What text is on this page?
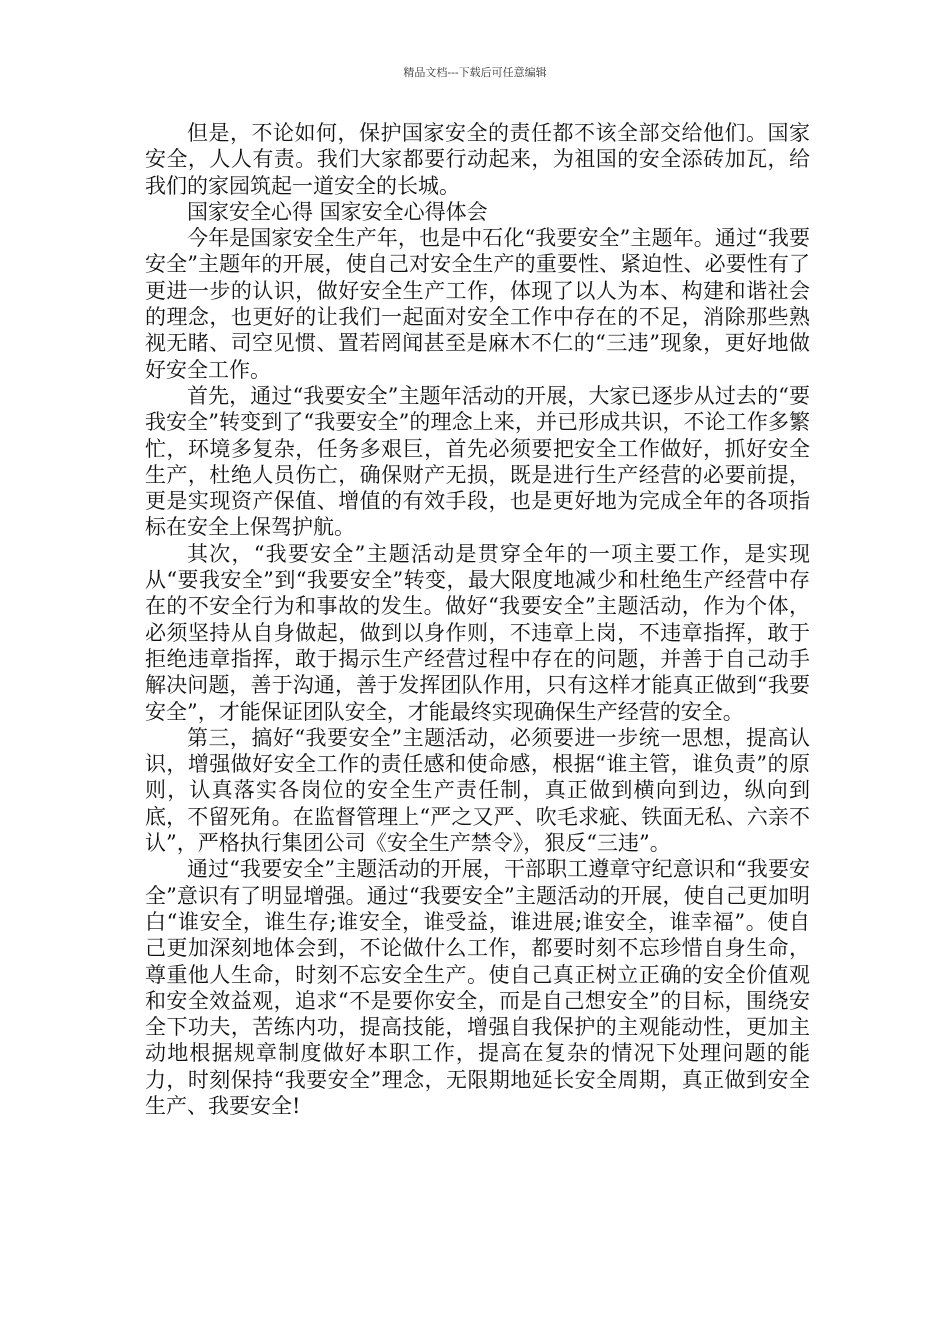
精品文档---下载后可任意编辑

但是，不论如何，保护国家安全的责任都不该全部交给他们。国家安全，人人有责。我们大家都要行动起来，为祖国的安全添砖加瓦，给我们的家园筑起一道安全的长城。

国家安全心得 国家安全心得体会

今年是国家安全生产年，也是中石化“我要安全”主题年。通过“我要安全”主题年的开展，使自己对安全生产的重要性、紧迫性、必要性有了更进一步的认识，做好安全生产工作，体现了以人为本、构建和谐社会的理念，也更好的让我们一起面对安全工作中存在的不足，消除那些熟视无睹、司空见惯、置若罔闻甚至是麻木不仁的“三违”现象，更好地做好安全工作。

首先，通过“我要安全”主题年活动的开展，大家已逐步从过去的“要我安全”转变到了“我要安全”的理念上来，并已形成共识，不论工作多繁忙，环境多复杂，任务多艰巨，首先必须要把安全工作做好，抓好安全生产，杜绝人员伤亡，确保财产无损，既是进行生产经营的必要前提，更是实现资产保值、增值的有效手段，也是更好地为完成全年的各项指标在安全上保驾护航。

其次，“我要安全”主题活动是贯穿全年的一项主要工作，是实现从“要我安全”到“我要安全”转变，最大限度地减少和杜绝生产经营中存在的不安全行为和事故的发生。做好“我要安全”主题活动，作为个体，必须坚持从自身做起，做到以身作则，不违章上岗，不违章指挥，敢于拒绝违章指挥，敢于揭示生产经营过程中存在的问题，并善于自己动手解决问题，善于沟通，善于发挥团队作用，只有这样才能真正做到“我要安全”，才能保证团队安全，才能最终实现确保生产经营的安全。

第三，搞好“我要安全”主题活动，必须要进一步统一思想，提高认识，增强做好安全工作的责任感和使命感，根据“谁主管，谁负责”的原则，认真落实各岗位的安全生产责任制，真正做到横向到边，纵向到底，不留死角。在监督管理上“严之又严、吹毛求疵、铁面无私、六亲不认”，严格执行集团公司《安全生产禁令》，狠反“三违”。

通过“我要安全”主题活动的开展，干部职工遵章守纪意识和“我要安全”意识有了明显增强。通过“我要安全”主题活动的开展，使自己更加明白“谁安全，谁生存;谁安全，谁受益，谁进展;谁安全，谁幸福”。使自己更加深刻地体会到，不论做什么工作，都要时刻不忘珍惜自身生命，尊重他人生命，时刻不忘安全生产。使自己真正树立正确的安全价值观和安全效益观，追求“不是要你安全，而是自己想安全”的目标，围绕安全下功夫，苦练内功，提高技能，增强自我保护的主观能动性，更加主动地根据规章制度做好本职工作，提高在复杂的情况下处理问题的能力，时刻保持“我要安全”理念，无限期地延长安全周期，真正做到安全生产、我要安全!
